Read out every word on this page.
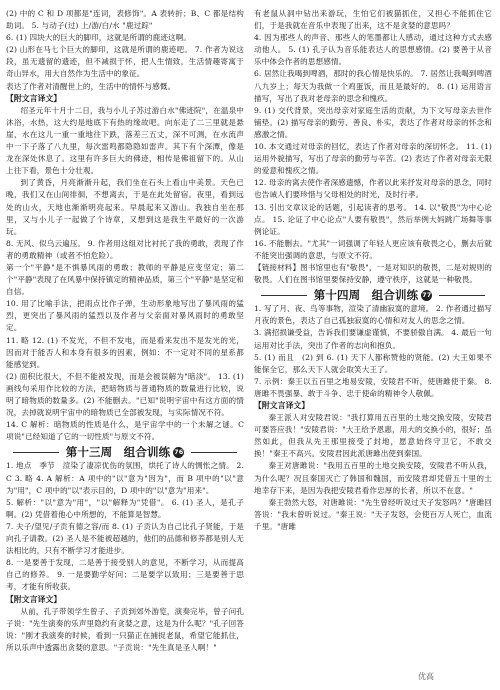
(2) 中的 C 和 D 项都是"连词，表修饰"。A 表转折；B、C 都是结构助词。 5. 与动子(过) 上/游/白/水 "鹿过踪"

6. (1) 四块大的巨大的脚印，这就是所谓的鹿迹这啊。

(2) 山形在马七个巨大的脚印，这就是所谓的鹿迹吧。 7. 作者为说这段，虽无遗留的遗迹，但不减损于怀，把人生情致，生活情趣寄寓于奇山异水，用大自然作为生活中的象征。

表达了作者对清醒世上的，生活中的情怀与感慨。

【附文言译文】

绍圣元年十月十二日，我与小儿子苏过游白水"佛迹院"，在温泉中沐浴，水热，这大约是地底下有热的缘故吧。向东走了二三里就是悬崖，水在这儿一重一重地往下跌，落差三五丈，深不可测，在水流声中一下子落了八九里，每次雷鸣都隐隐如雷声。其下有个深潭，像是龙在深处休息了。这里有许多巨大的佛迹，相传是佛祖留下的。从山上往下看，景色十分壮观。

到了黄昏，月亮渐渐升起，我们坐在石头上看山中美景。天色已晚，我们又在山间徘徊，不想离去，于是在此处留宿。夜里，看到远处的山火，天地也渐渐明亮起来。早晨起来又游山。我独自坐在那里，又与小儿子一起做了个诗章，又想到这是我生平最好的一次游玩。

8. 无风、似乌云遍压。 9. 作者用这组对比衬托了我的勇敢，表现了作者的勇敢精神（或者不怕危险）。

第一个"平静"是不惧暴风雨的勇敢；教师的平静是应变坚定；第二个"平静"表现了在风暴中保持镇定的精神品质，第三个"平静"是坚定和自信。

10. 用了比喻手法，把雨点比作子弹，生动形象地写出了暴风雨的猛烈，更突出了暴风雨的猛烈以及作者与父亲面对暴风雨时的勇敢坚定。

11. 略 12. (1) 不发光，不但不发电，而是看来发出不是发光的光，因而对于能否人和本身有很多的因素，例如：不一定对不同的星系都能感觉到。

(2) 面积比很大，不但不能被发现，而是会被误解为"暗淡"。 13. (1) 画线句采用作比较的方法，把暗物质与普通物质的数量进行比较，说明了暗物质的数量多。(2) 不能删去。"已知"说明宇宙中有这方面的情况，去掉就说明宇宙中的暗物质已全部被发现，与实际情况不符。

14. C 解析：暗物质的性质是什么，是宇宙学中的一个未解之谜。C 项说"已经知道了它的一切性质"与原文不符。

第十三周　组合训练 76

1. 地点　季节　渲染了凄凉优伤的氛围，烘托了诗人的惆怅之情。 2. C 3. 略 4. A 解析：A 项中的"以"意为"因为"，而 B 项中的"以"意为"用"，C 项中的"以"表示目的，D 项中的"以"意为"用来"。

5. 解析："以"意为"用"，"以"解释为"凭借"。 6. (1) 圣人，是孔子啊。(2) 凭借着他心中所想的，不能算是智慧。

7. 夫子/望见/子贡有德之容/而 8. (1) 子贡认为自己比孔子贤能，于是向孔子请教。(2) 圣人是不能被超越的，他们的品德和修养都是别人无法相比的，只有不断学习才能进步。

8. 一是要善于发现，二是善于接受别人的意见，不断学习，从而提高自己的修养。 9. 一是要勤学好问；二是要学以致用；三是要善于思考，才能有所收获。

【附文言译文】

从前，孔子带领学生曾子、子贡到郊外游览，演奏完毕，曾子问孔子说："先生演奏的乐声里隐约有贪婪之意，这是为什么呢？"孔子回答说："刚才我演奏的时候，看到一只猫正在捕捉老鼠，希望它能抓住，所以乐声中透露出贪婪的意思。"子贡说："先生真是圣人啊！"

有老鼠从洞中钻出来游玩，生怕它们被猫抓住，又担心不能抓住它们，于是我就在音乐中表现了出来，这不是贪婪的意思吗？

4. 因为那些人的声音、那些人的笔墨都让人感动，通过这种方式去感动他人。 5. (1) 孔子认为音乐能表达人的思想感情。(2) 要善于从音乐中体会作者的思想感情。

6. 居然让我喝到啤酒，那时的我心情是快乐的。 7. 居然让我喝到啤酒八九岁上；每天为我做一个鸡蛋饭，而且是最好的。 8. (1) 运用语言描写，写出了我对老母亲的思念和愧疚。

9. (1) 交代背景，突出母亲对家庭生活的贡献，为下文写母亲去世作铺垫。(2) 描写母亲的勤劳、善良、朴实，表达了作者对母亲的怀念和感激之情。

10. 本文通过对母亲的回忆，表达了作者对母亲的深切怀念。 11. (1) 运用外貌描写，写出了母亲的勤劳与辛苦。(2) 表达了作者对母亲无限的爱意和愧疚之情。

12. 母亲的离去使作者深感遗憾，作者以此来抒发对母亲的思念，同时也告诫人们要珍惜与父母相处的时光，及时行孝。

13. 引出文章议论的话题，引起读者的思考。 14. 以"敬畏"为中心论点。 15. 论证了中心论点"人要有敬畏"，然后举例大妈跳广场舞等事例论证。

16. 不能删去。"尤其"一词强调了年轻人更应该有敬畏之心，删去后就不能突出强调的意思，与原文不符。

【链接材料】图书馆里也有"敬畏"，一是对知识的敬畏，二是对规则的敬畏。人们在图书馆里要保持安静，遵守秩序，这就是一种敬畏。

第十四周　组合训练 77

1. 写了月、夜、鸟等事物，渲染了清幽寂寞的意境。 2. 作者通过描写月夜的景色，表达了自己孤独寂寞的心情和对友人的思念之情。

3. 满招损谦受益，告诉我们要谦虚谨慎，不要骄傲自满。 4. 最后一句运用对比手法，突出了作者的志向和抱负。

5. (1) 而且　(2) 到 6. (1) 天下人都称赞他的贤能。(2) 大王如果不能保全它，那么天下人就会取笑大王了。

7. 示例：秦王以五百里之地易安陵，安陵君不听，使唐雎使于秦。 8. 唐雎不畏强暴、敢于斗争、忠于使命的精神令人敬佩。

【附文言译文】

秦王派人对安陵君说："我打算用五百里的土地交换安陵，安陵君可要答应我！"安陵君说："大王给予恩惠，用大的交换小的，很好；虽然如此，但我从先王那里接受了封地，愿意始终守卫它，不敢交换！"秦王不高兴。安陵君因此派唐雎出使到秦国。

秦王对唐雎说："我用五百里的土地交换安陵，安陵君不听从我，为什么呢？况且秦国灭亡了韩国和魏国，而安陵君却凭借五十里的土地幸存下来，是因为我把安陵君看作忠厚的长者，所以不在意。"

秦王勃然大怒，对唐雎说："先生曾经听说过天子发怒吗？"唐雎回答说："我未曾听说过。"秦王说："天子发怒，会使百万人死亡，血流千里。"唐雎

优高
